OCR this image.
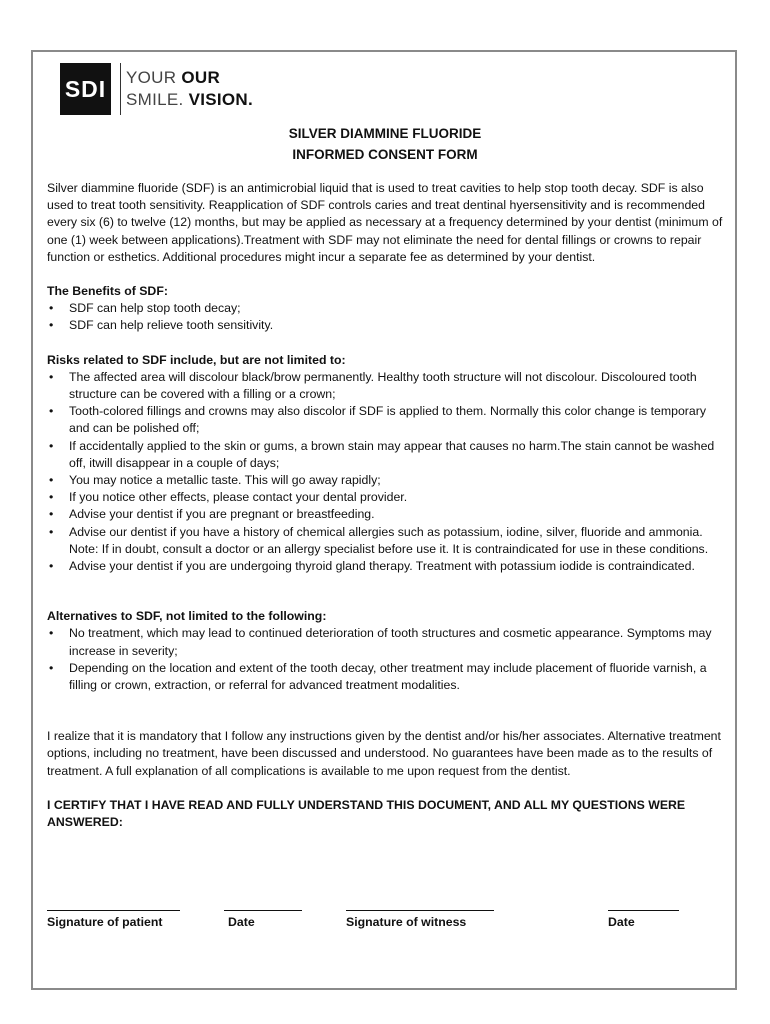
SDI YOUR OUR
SMILE. VISION.
SILVER DIAMMINE FLUORIDE
INFORMED CONSENT FORM

Silver diammine fluoride (SDF) is an antimicrobial liquid that is used to treat cavities to help stop tooth decay. SDF is also used to treat tooth sensitivity. Reapplication of SDF controls caries and treat dentinal hyersensitivity and is recommended every six (6) to twelve (12) months, but may be applied as necessary at a frequency determined by your dentist (minimum of one (1) week between applications).Treatment with SDF may not eliminate the need for dental fillings or crowns to repair function or esthetics. Additional procedures might incur a separate fee as determined by your dentist.

The Benefits of SDF:

• SDF can help stop tooth decay;
• SDF can help relieve tooth sensitivity.

Risks related to SDF include, but are not limited to:

• The affected area will discolour black/brow permanently. Healthy tooth structure will not discolour. Discoloured tooth structure can be covered with a filling or a crown;
• Tooth-colored fillings and crowns may also discolor if SDF is applied to them. Normally this color change is temporary and can be polished off;
• If accidentally applied to the skin or gums, a brown stain may appear that causes no harm.The stain cannot be washed off, itwill disappear in a couple of days;
• You may notice a metallic taste. This will go away rapidly;
• If you notice other effects, please contact your dental provider.
• Advise your dentist if you are pregnant or breastfeeding.
• Advise our dentist if you have a history of chemical allergies such as potassium, iodine, silver, fluoride and ammonia. Note: If in doubt, consult a doctor or an allergy specialist before use it. It is contraindicated for use in these conditions.
• Advise your dentist if you are undergoing thyroid gland therapy. Treatment with potassium iodide is contraindicated.

Alternatives to SDF, not limited to the following:

• No treatment, which may lead to continued deterioration of tooth structures and cosmetic appearance. Symptoms may increase in severity;
• Depending on the location and extent of the tooth decay, other treatment may include placement of fluoride varnish, a filling or crown, extraction, or referral for advanced treatment modalities.

I realize that it is mandatory that I follow any instructions given by the dentist and/or his/her associates. Alternative treatment options, including no treatment, have been discussed and understood. No guarantees have been made as to the results of treatment. A full explanation of all complications is available to me upon request from the dentist.

I CERTIFY THAT I HAVE READ AND FULLY UNDERSTAND THIS DOCUMENT, AND ALL MY QUESTIONS WERE ANSWERED:

Signature of patient	Date	Signature of witness	Date
